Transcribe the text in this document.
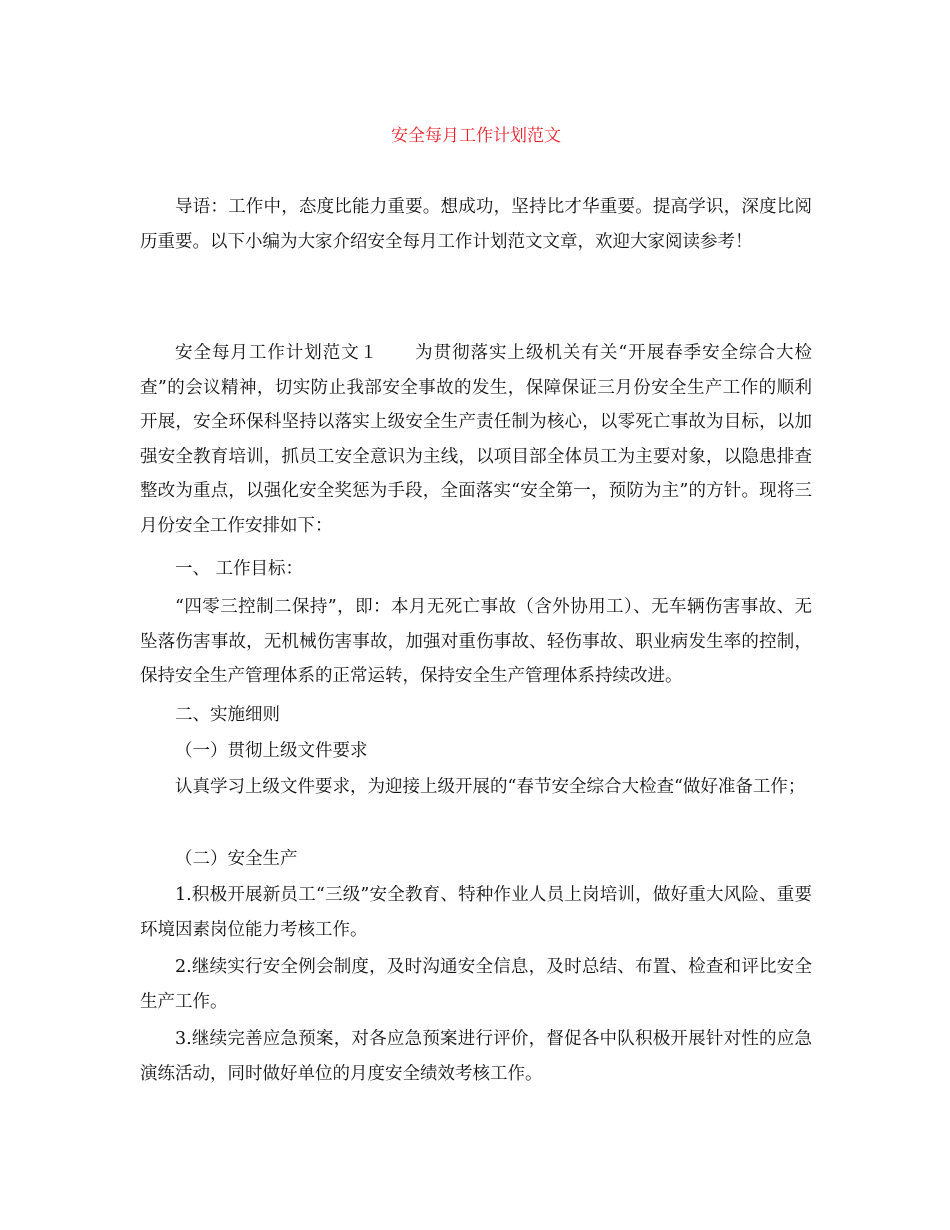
安全每月工作计划范文

导语：工作中，态度比能力重要。想成功，坚持比才华重要。提高学识，深度比阅历重要。以下小编为大家介绍安全每月工作计划范文文章，欢迎大家阅读参考！

安全每月工作计划范文１ 为贯彻落实上级机关有关“开展春季安全综合大检查”的会议精神，切实防止我部安全事故的发生，保障保证三月份安全生产工作的顺利开展，安全环保科坚持以落实上级安全生产责任制为核心，以零死亡事故为目标，以加强安全教育培训，抓员工安全意识为主线，以项目部全体员工为主要对象，以隐患排查整改为重点，以强化安全奖惩为手段，全面落实“安全第一，预防为主”的方针。现将三月份安全工作安排如下：

一、 工作目标：

“四零三控制二保持”，即：本月无死亡事故（含外协用工）、无车辆伤害事故、无坠落伤害事故，无机械伤害事故，加强对重伤事故、轻伤事故、职业病发生率的控制，保持安全生产管理体系的正常运转，保持安全生产管理体系持续改进。

二、实施细则

（一）贯彻上级文件要求

认真学习上级文件要求，为迎接上级开展的“春节安全综合大检查“做好准备工作；

（二）安全生产

1.积极开展新员工“三级”安全教育、特种作业人员上岗培训，做好重大风险、重要环境因素岗位能力考核工作。

2.继续实行安全例会制度，及时沟通安全信息，及时总结、布置、检查和评比安全生产工作。

3.继续完善应急预案，对各应急预案进行评价，督促各中队积极开展针对性的应急演练活动，同时做好单位的月度安全绩效考核工作。
